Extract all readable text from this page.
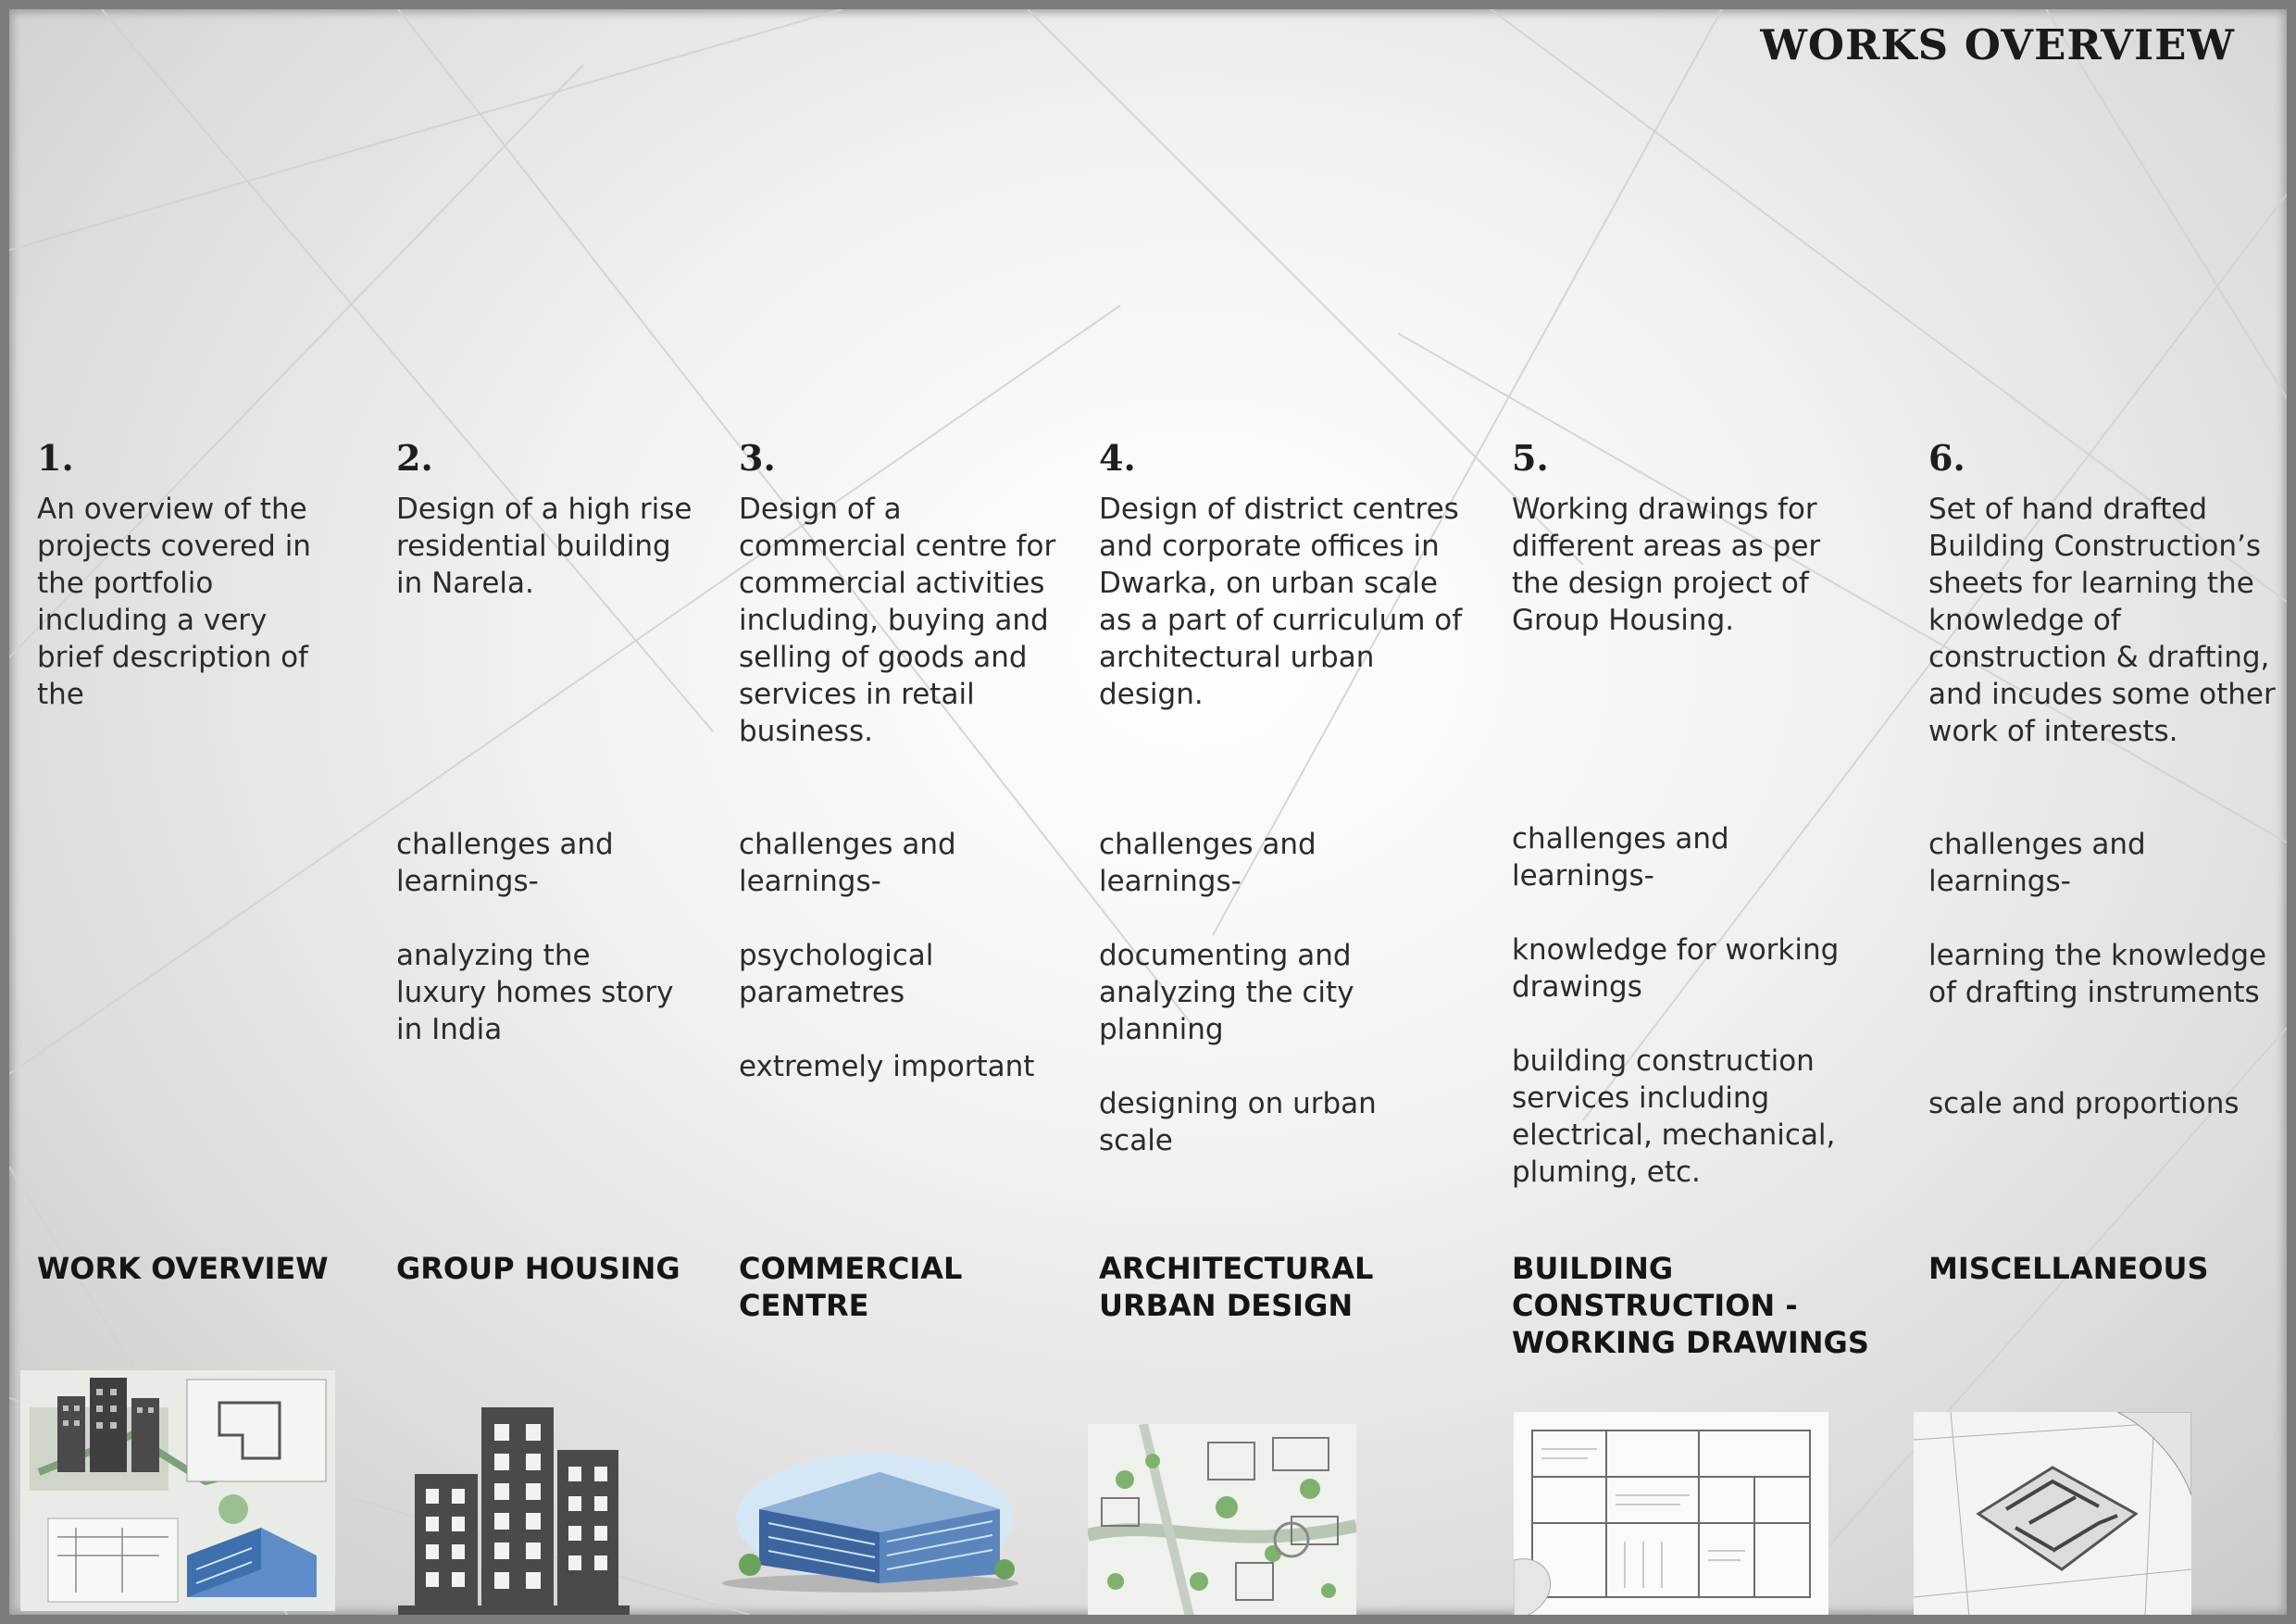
WORKS OVERVIEW
1.

An overview of the projects covered in the portfolio including a very brief description of the

WORK OVERVIEW
2.

Design of a high rise residential building in Narela.

challenges and learnings-

analyzing the luxury homes story in India

GROUP HOUSING
3.

Design of a commercial centre for commercial activities including, buying and selling of goods and services in retail business.

challenges and learnings-

psychological parametres

extremely important

COMMERCIAL CENTRE
4.

Design of district centres and corporate offices in Dwarka, on urban scale as a part of curriculum of architectural urban design.

challenges and learnings-

documenting and analyzing the city planning

designing on urban scale

ARCHITECTURAL URBAN DESIGN
5.

Working drawings for different areas as per the design project of Group Housing.

challenges and learnings-

knowledge for working drawings

building construction services including electrical, mechanical, pluming, etc.

BUILDING CONSTRUCTION - WORKING DRAWINGS
6.

Set of hand drafted Building Construction’s sheets for learning the knowledge of construction & drafting, and incudes some other work of interests.

challenges and learnings-

learning the knowledge of drafting instruments

scale and proportions

MISCELLANEOUS
